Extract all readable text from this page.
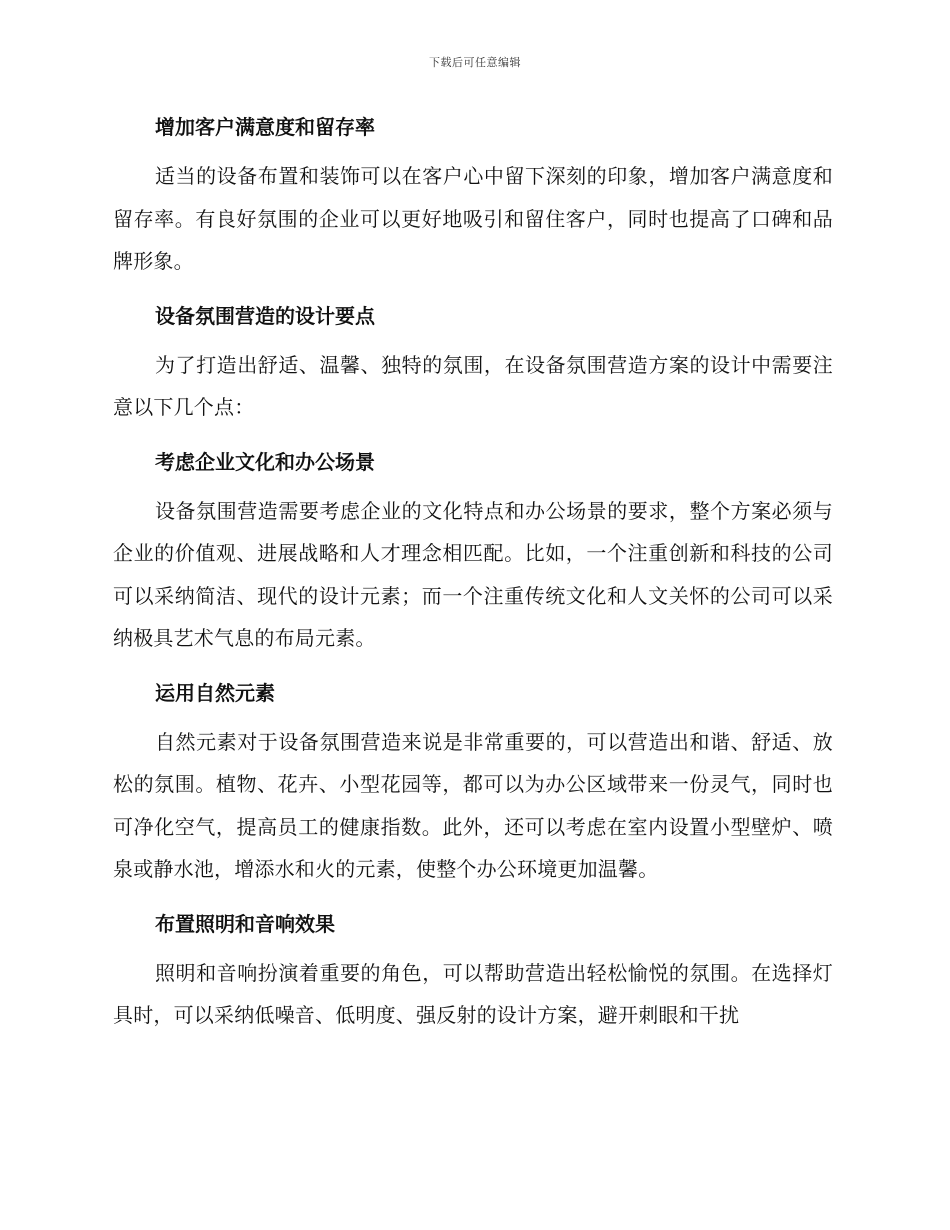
下载后可任意编辑
增加客户满意度和留存率

适当的设备布置和装饰可以在客户心中留下深刻的印象，增加客户满意度和留存率。有良好氛围的企业可以更好地吸引和留住客户，同时也提高了口碑和品牌形象。

设备氛围营造的设计要点

为了打造出舒适、温馨、独特的氛围，在设备氛围营造方案的设计中需要注意以下几个点：

考虑企业文化和办公场景

设备氛围营造需要考虑企业的文化特点和办公场景的要求，整个方案必须与企业的价值观、进展战略和人才理念相匹配。比如，一个注重创新和科技的公司可以采纳简洁、现代的设计元素；而一个注重传统文化和人文关怀的公司可以采纳极具艺术气息的布局元素。

运用自然元素

自然元素对于设备氛围营造来说是非常重要的，可以营造出和谐、舒适、放松的氛围。植物、花卉、小型花园等，都可以为办公区域带来一份灵气，同时也可净化空气，提高员工的健康指数。此外，还可以考虑在室内设置小型壁炉、喷泉或静水池，增添水和火的元素，使整个办公环境更加温馨。

布置照明和音响效果

照明和音响扮演着重要的角色，可以帮助营造出轻松愉悦的氛围。在选择灯具时，可以采纳低噪音、低明度、强反射的设计方案，避开刺眼和干扰
